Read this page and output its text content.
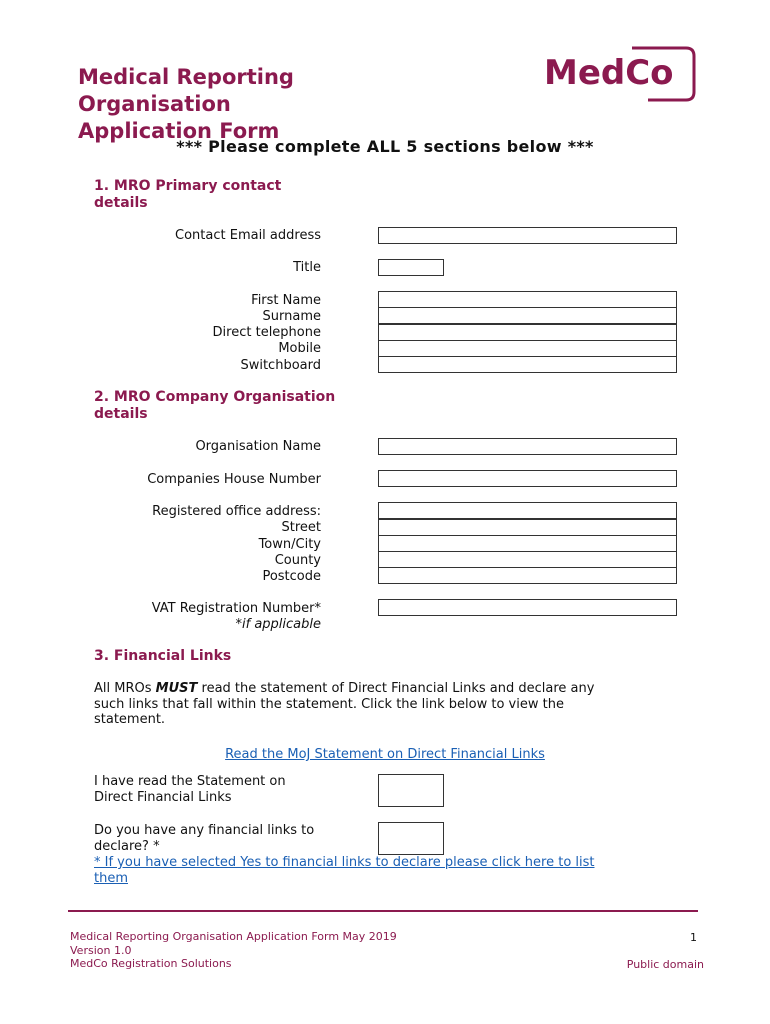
Medical Reporting
Organisation
Application Form
MedCo
*** Please complete ALL 5 sections below ***
1. MRO Primary contact
details
Contact Email address
Title
First Name
Surname
Direct telephone
Mobile
Switchboard
2. MRO Company Organisation
details
Organisation Name
Companies House Number
Registered office address:
Street
Town/City
County
Postcode
VAT Registration Number*
*if applicable
3. Financial Links
All MROs MUST read the statement of Direct Financial Links and declare any
such links that fall within the statement. Click the link below to view the
statement.
Read the MoJ Statement on Direct Financial Links
I have read the Statement on
Direct Financial Links
Do you have any financial links to
declare? *
* If you have selected Yes to financial links to declare please click here to list
them
Medical Reporting Organisation Application Form May 2019
Version 1.0
MedCo Registration Solutions
1
Public domain
